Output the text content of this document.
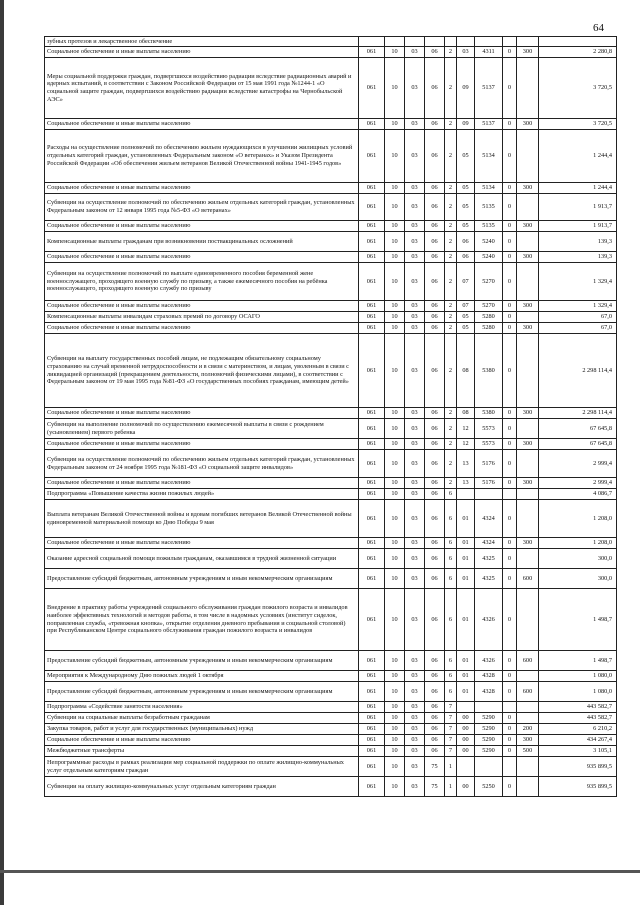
64
зубных протезов и лекарственное обеспечение										
Социальное обеспечение и иные выплаты населению	061	10	03	06	2	03	4311	0	300	2 280,8
Меры социальной поддержки граждан, подвергшихся воздействию радиации вследствие радиационных аварий и ядерных испытаний, в соответствии с Законом Российской Федерации от 15 мая 1991 года №1244-1 «О социальной защите граждан, подвергшихся воздействию радиации вследствие катастрофы на Чернобыльской АЭС»	061	10	03	06	2	09	5137	0		3 720,5
Социальное обеспечение и иные выплаты населению	061	10	03	06	2	09	5137	0	300	3 720,5
Расходы на осуществление полномочий по обеспечению жильем нуждающихся в улучшении жилищных условий отдельных категорий граждан, установленных Федеральным законом «О ветеранах» и Указом Президента Российской Федерации «Об обеспечении жильем ветеранов Великой Отечественной войны 1941-1945 годов»	061	10	03	06	2	05	5134	0		1 244,4
Социальное обеспечение и иные выплаты населению	061	10	03	06	2	05	5134	0	300	1 244,4
Субвенции на осуществление полномочий по обеспечению жильем отдельных категорий граждан, установленных Федеральным законом от 12 января 1995 года №5-ФЗ «О ветеранах»	061	10	03	06	2	05	5135	0		1 913,7
Социальное обеспечение и иные выплаты населению	061	10	03	06	2	05	5135	0	300	1 913,7
Компенсационные выплаты гражданам при возникновении поствакцинальных осложнений	061	10	03	06	2	06	5240	0		139,3
Социальное обеспечение и иные выплаты населению	061	10	03	06	2	06	5240	0	300	139,3
Субвенции на осуществление полномочий по выплате единовременного пособия беременной жене военнослужащего, проходящего военную службу по призыву, а также ежемесячного пособия на ребёнка военнослужащего, проходящего военную службу по призыву	061	10	03	06	2	07	5270	0		1 329,4
Социальное обеспечение и иные выплаты населению	061	10	03	06	2	07	5270	0	300	1 329,4
Компенсационные выплаты инвалидам страховых премий по договору ОСАГО	061	10	03	06	2	05	5280	0		67,0
Социальное обеспечение и иные выплаты населению	061	10	03	06	2	05	5280	0	300	67,0
Субвенции на выплату государственных пособий лицам, не подлежащим обязательному социальному страхованию на случай временной нетрудоспособности и в связи с материнством, и лицам, уволенным в связи с ликвидацией организаций (прекращением деятельности, полномочий физическими лицами), в соответствии с Федеральным законом от 19 мая 1995 года №81-ФЗ «О государственных пособиях гражданам, имеющим детей»	061	10	03	06	2	08	5380	0		2 298 114,4
Социальное обеспечение и иные выплаты населению	061	10	03	06	2	08	5380	0	300	2 298 114,4
Субвенции на выполнение полномочий по осуществлению ежемесячной выплаты в связи с рождением (усыновлением) первого ребенка	061	10	03	06	2	12	5573	0		67 645,8
Социальное обеспечение и иные выплаты населению	061	10	03	06	2	12	5573	0	300	67 645,8
Субвенции на осуществление полномочий по обеспечению жильем отдельных категорий граждан, установленных Федеральным законом от 24 ноября 1995 года №181-ФЗ «О социальной защите инвалидов»	061	10	03	06	2	13	5176	0		2 999,4
Социальное обеспечение и иные выплаты населению	061	10	03	06	2	13	5176	0	300	2 999,4
Подпрограмма «Повышение качества жизни пожилых людей»	061	10	03	06	6					4 086,7
Выплата ветеранам Великой Отечественной войны и вдовам погибших ветеранов Великой Отечественной войны единовременной материальной помощи ко Дню Победы 9 мая	061	10	03	06	6	01	4324	0		1 208,0
Социальное обеспечение и иные выплаты населению	061	10	03	06	6	01	4324	0	300	1 208,0
Оказание адресной социальной помощи пожилым гражданам, оказавшимся в трудной жизненной ситуации	061	10	03	06	6	01	4325	0		300,0
Предоставление субсидий бюджетным, автономным учреждениям и иным некоммерческим организациям	061	10	03	06	6	01	4325	0	600	300,0
Внедрение в практику работы учреждений социального обслуживания граждан пожилого возраста и инвалидов наиболее эффективных технологий и методов работы, в том числе в надомных условиях (институт сиделок, поправленная служба, «тревожная кнопка», открытие отделения дневного пребывания и социальной столовой) при Республиканском Центре социального обслуживания граждан пожилого возраста и инвалидов	061	10	03	06	6	01	4326	0		1 498,7
Предоставление субсидий бюджетным, автономным учреждениям и иным некоммерческим организациям	061	10	03	06	6	01	4326	0	600	1 498,7
Мероприятия к Международному Дню пожилых людей 1 октября	061	10	03	06	6	01	4328	0		1 080,0
Предоставление субсидий бюджетным, автономным учреждениям и иным некоммерческим организациям	061	10	03	06	6	01	4328	0	600	1 080,0
Подпрограмма «Содействие занятости населения»	061	10	03	06	7					443 582,7
Субвенции на социальные выплаты безработным гражданам	061	10	03	06	7	00	5290	0		443 582,7
Закупка товаров, работ и услуг для государственных (муниципальных) нужд	061	10	03	06	7	00	5290	0	200	6 210,2
Социальное обеспечение и иные выплаты населению	061	10	03	06	7	00	5290	0	300	434 267,4
Межбюджетные трансферты	061	10	03	06	7	00	5290	0	500	3 105,1
Непрограммные расходы в рамках реализации мер социальной поддержки по оплате жилищно-коммунальных услуг отдельным категориям граждан	061	10	03	75	1					935 899,5
Субвенции на оплату жилищно-коммунальных услуг отдельным категориям граждан	061	10	03	75	1	00	5250	0		935 899,5
